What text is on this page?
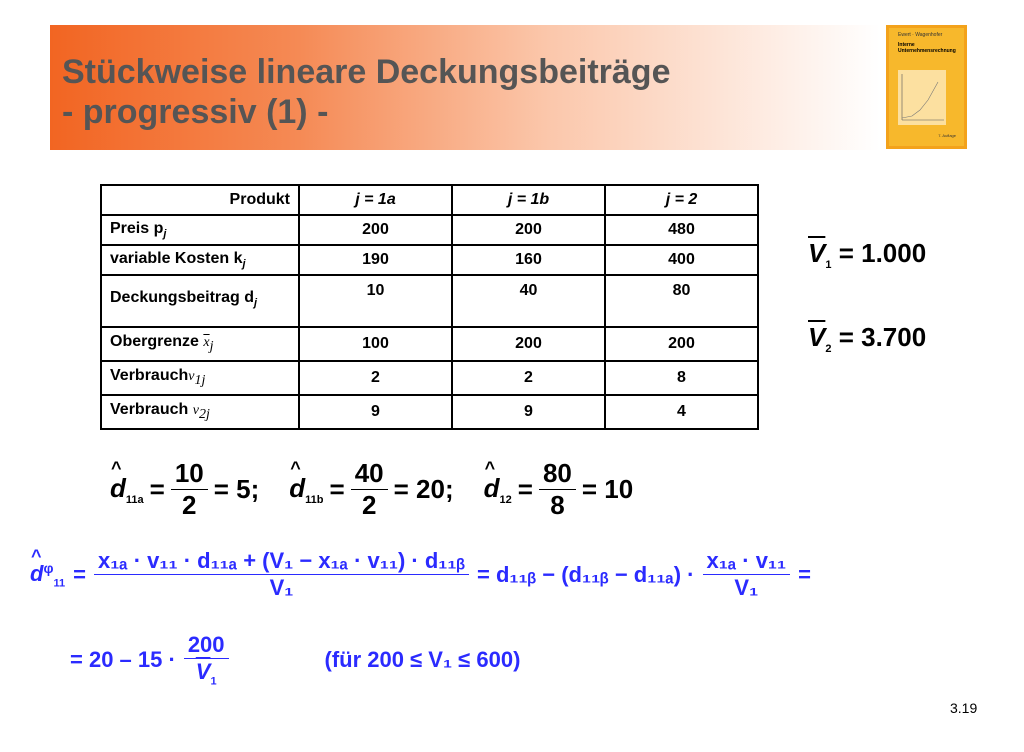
Stückweise lineare Deckungsbeiträge
- progressiv (1) -
Ewert · Wagenhofer
Interne
Unternehmensrechnung
7. Auflage
Produkt	j = 1a	j = 1b	j = 2
Preis $p_j$	200	200	480
variable Kosten $k_j$	190	160	400
Deckungsbeitrag $d_j$	10	40	80
Obergrenze $\overline{x}_j$	100	200	200
Verbrauchv$_{1j}$	2	2	8
Verbrauch $v_{2j}$	9	9	4
$\overline{V}_1 = 1.000$
$\overline{V}_2 = 3.700$
^ $d_{11a} = \frac{10}{2} = 5$; ^ $d_{11b} = \frac{40}{2} = 20$; ^ $d_{12} = \frac{80}{8} = 10$
^ $d^\varphi_{11} = \frac{\text{x₁ₐ · v₁₁ · d₁₁ₐ + (V₁ − x₁ₐ · v₁₁) · d₁₁ᵦ}}{\text{V₁}}$ = d₁₁ᵦ − (d₁₁ᵦ − $d_{11a}) \cdot \frac{\text{x₁ₐ · v₁₁}}{\text{V₁}}$ =
= $20 - 15 \cdot \frac{200}{\overline{V}_1}$	(für 200 ≤ V₁ ≤ 600)
3.19
